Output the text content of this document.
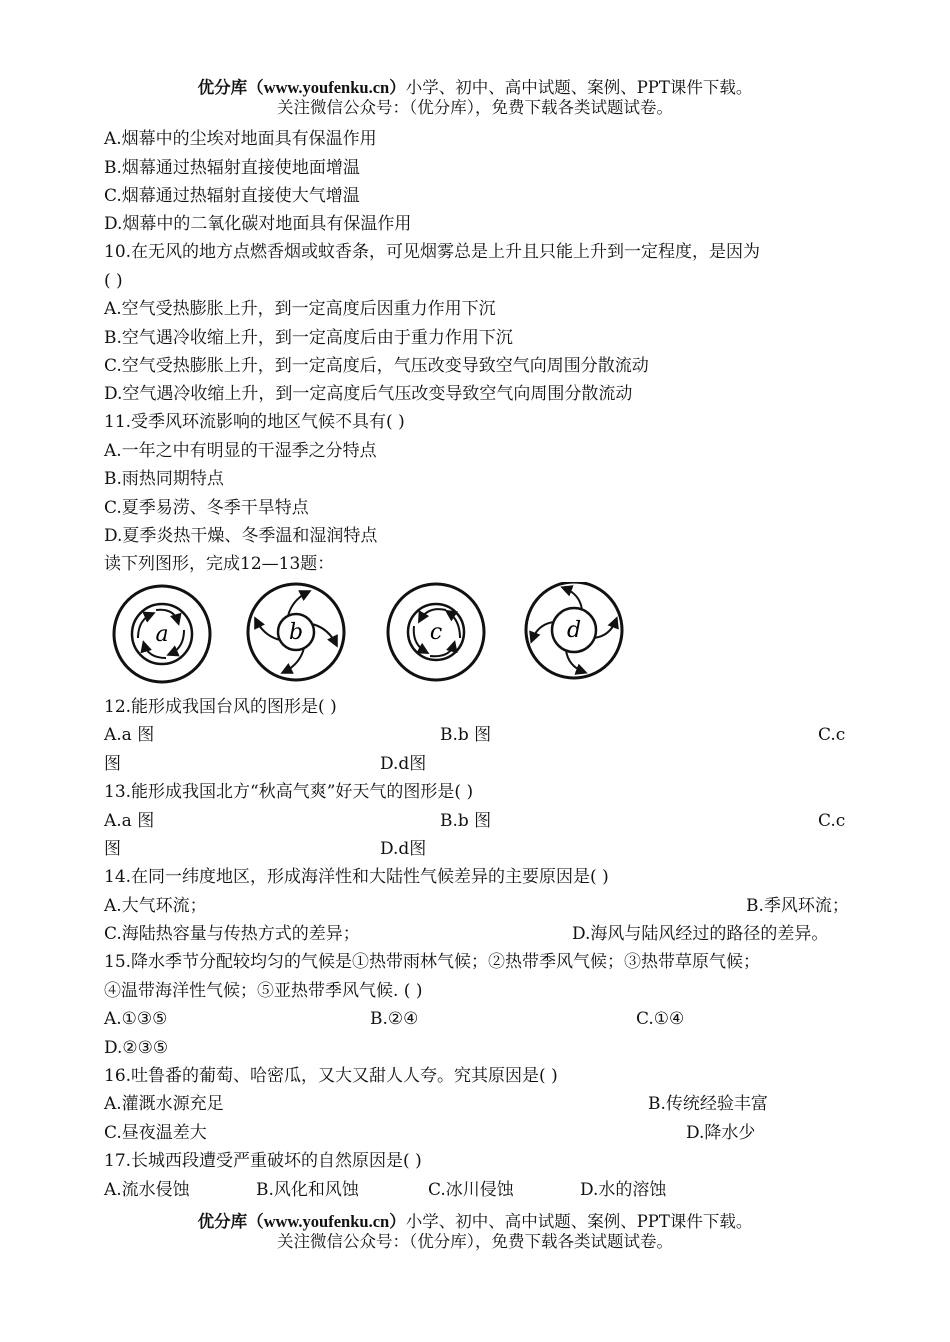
优分库（www.youfenku.cn）小学、初中、高中试题、案例、PPT课件下载。
关注微信公众号：（优分库），免费下载各类试题试卷。
A.烟幕中的尘埃对地面具有保温作用
B.烟幕通过热辐射直接使地面增温
C.烟幕通过热辐射直接使大气增温
D.烟幕中的二氧化碳对地面具有保温作用
10.在无风的地方点燃香烟或蚊香条，可见烟雾总是上升且只能上升到一定程度，是因为
( )
A.空气受热膨胀上升，到一定高度后因重力作用下沉
B.空气遇冷收缩上升，到一定高度后由于重力作用下沉
C.空气受热膨胀上升，到一定高度后，气压改变导致空气向周围分散流动
D.空气遇冷收缩上升，到一定高度后气压改变导致空气向周围分散流动
11.受季风环流影响的地区气候不具有( )
A.一年之中有明显的干湿季之分特点
B.雨热同期特点
C.夏季易涝、冬季干旱特点
D.夏季炎热干燥、冬季温和湿润特点
读下列图形，完成12—13题：
a	b	c	d
12.能形成我国台风的图形是( )
A.a 图	B.b 图	C.c
图	D.d图
13.能形成我国北方“秋高气爽”好天气的图形是( )
A.a 图	B.b 图	C.c
图	D.d图
14.在同一纬度地区，形成海洋性和大陆性气候差异的主要原因是( )
A.大气环流；	B.季风环流；
C.海陆热容量与传热方式的差异；	D.海风与陆风经过的路径的差异。
15.降水季节分配较均匀的气候是①热带雨林气候；②热带季风气候；③热带草原气候；
④温带海洋性气候；⑤亚热带季风气候. ( )
A.①③⑤	B.②④	C.①④
D.②③⑤
16.吐鲁番的葡萄、哈密瓜，又大又甜人人夸。究其原因是( )
A.灌溉水源充足	B.传统经验丰富
C.昼夜温差大	D.降水少
17.长城西段遭受严重破坏的自然原因是( )
A.流水侵蚀	B.风化和风蚀	C.冰川侵蚀	D.水的溶蚀
优分库（www.youfenku.cn）小学、初中、高中试题、案例、PPT课件下载。
关注微信公众号：（优分库），免费下载各类试题试卷。
